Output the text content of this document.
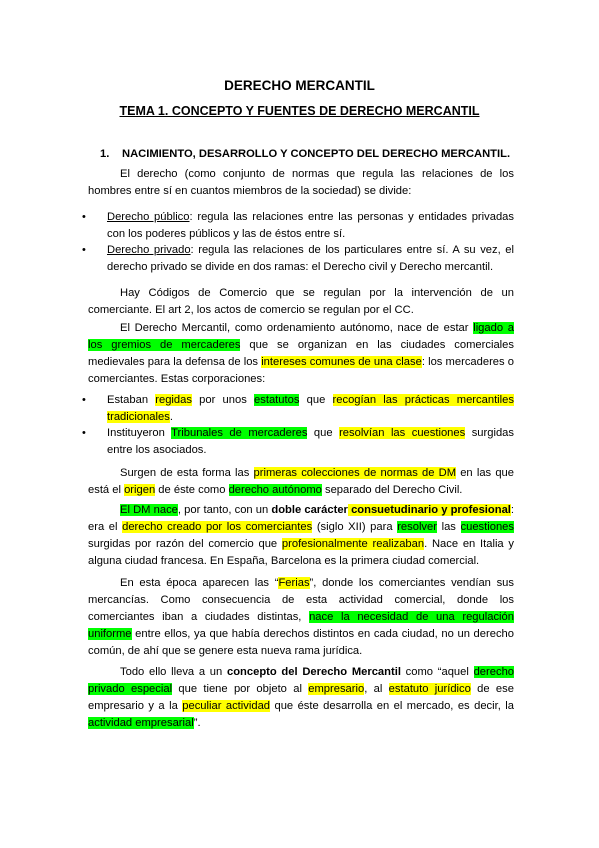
DERECHO MERCANTIL
TEMA 1. CONCEPTO Y FUENTES DE DERECHO MERCANTIL
1. NACIMIENTO, DESARROLLO Y CONCEPTO DEL DERECHO MERCANTIL.
El derecho (como conjunto de normas que regula las relaciones de los hombres entre sí en cuantos miembros de la sociedad) se divide:
• Derecho público: regula las relaciones entre las personas y entidades privadas con los poderes públicos y las de éstos entre sí.
• Derecho privado: regula las relaciones de los particulares entre sí. A su vez, el derecho privado se divide en dos ramas: el Derecho civil y Derecho mercantil.
Hay Códigos de Comercio que se regulan por la intervención de un comerciante. El art 2, los actos de comercio se regulan por el CC.
El Derecho Mercantil, como ordenamiento autónomo, nace de estar ligado a los gremios de mercaderes que se organizan en las ciudades comerciales medievales para la defensa de los intereses comunes de una clase: los mercaderes o comerciantes. Estas corporaciones:
• Estaban regidas por unos estatutos que recogían las prácticas mercantiles tradicionales.
• Instituyeron Tribunales de mercaderes que resolvían las cuestiones surgidas entre los asociados.
Surgen de esta forma las primeras colecciones de normas de DM en las que está el origen de éste como derecho autónomo separado del Derecho Civil.
El DM nace, por tanto, con un doble carácter consuetudinario y profesional: era el derecho creado por los comerciantes (siglo XII) para resolver las cuestiones surgidas por razón del comercio que profesionalmente realizaban. Nace en Italia y alguna ciudad francesa. En España, Barcelona es la primera ciudad comercial.
En esta época aparecen las “Ferias”, donde los comerciantes vendían sus mercancías. Como consecuencia de esta actividad comercial, donde los comerciantes iban a ciudades distintas, nace la necesidad de una regulación uniforme entre ellos, ya que había derechos distintos en cada ciudad, no un derecho común, de ahí que se genere esta nueva rama jurídica.
Todo ello lleva a un concepto del Derecho Mercantil como “aquel derecho privado especial que tiene por objeto al empresario, al estatuto jurídico de ese empresario y a la peculiar actividad que éste desarrolla en el mercado, es decir, la actividad empresarial”.
